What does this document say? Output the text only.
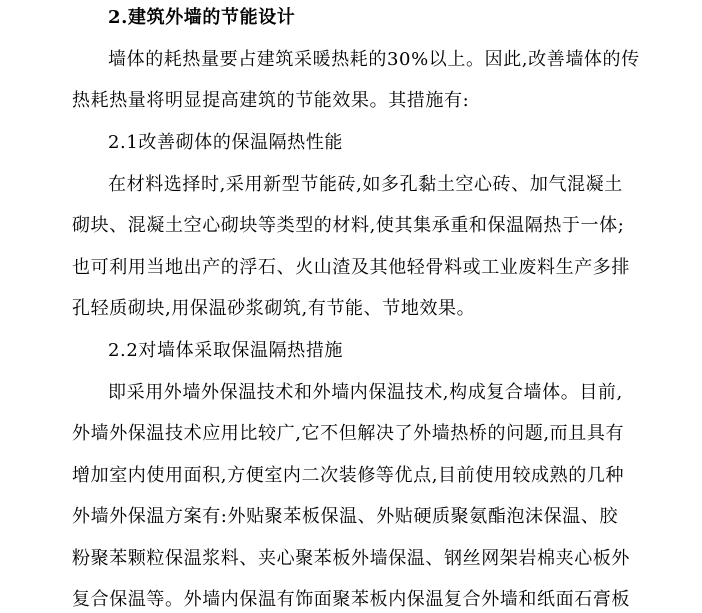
2.建筑外墙的节能设计
墙体的耗热量要占建筑采暖热耗的30%以上。因此,改善墙体的传
热耗热量将明显提高建筑的节能效果。其措施有:
2.1改善砌体的保温隔热性能
在材料选择时,采用新型节能砖,如多孔黏土空心砖、加气混凝土
砌块、混凝土空心砌块等类型的材料,使其集承重和保温隔热于一体;
也可利用当地出产的浮石、火山渣及其他轻骨料或工业废料生产多排
孔轻质砌块,用保温砂浆砌筑,有节能、节地效果。
2.2对墙体采取保温隔热措施
即采用外墙外保温技术和外墙内保温技术,构成复合墙体。目前,
外墙外保温技术应用比较广,它不但解决了外墙热桥的问题,而且具有
增加室内使用面积,方便室内二次装修等优点,目前使用较成熟的几种
外墙外保温方案有:外贴聚苯板保温、外贴硬质聚氨酯泡沫保温、胶
粉聚苯颗粒保温浆料、夹心聚苯板外墙保温、钢丝网架岩棉夹心板外
复合保温等。外墙内保温有饰面聚苯板内保温复合外墙和纸面石膏板
